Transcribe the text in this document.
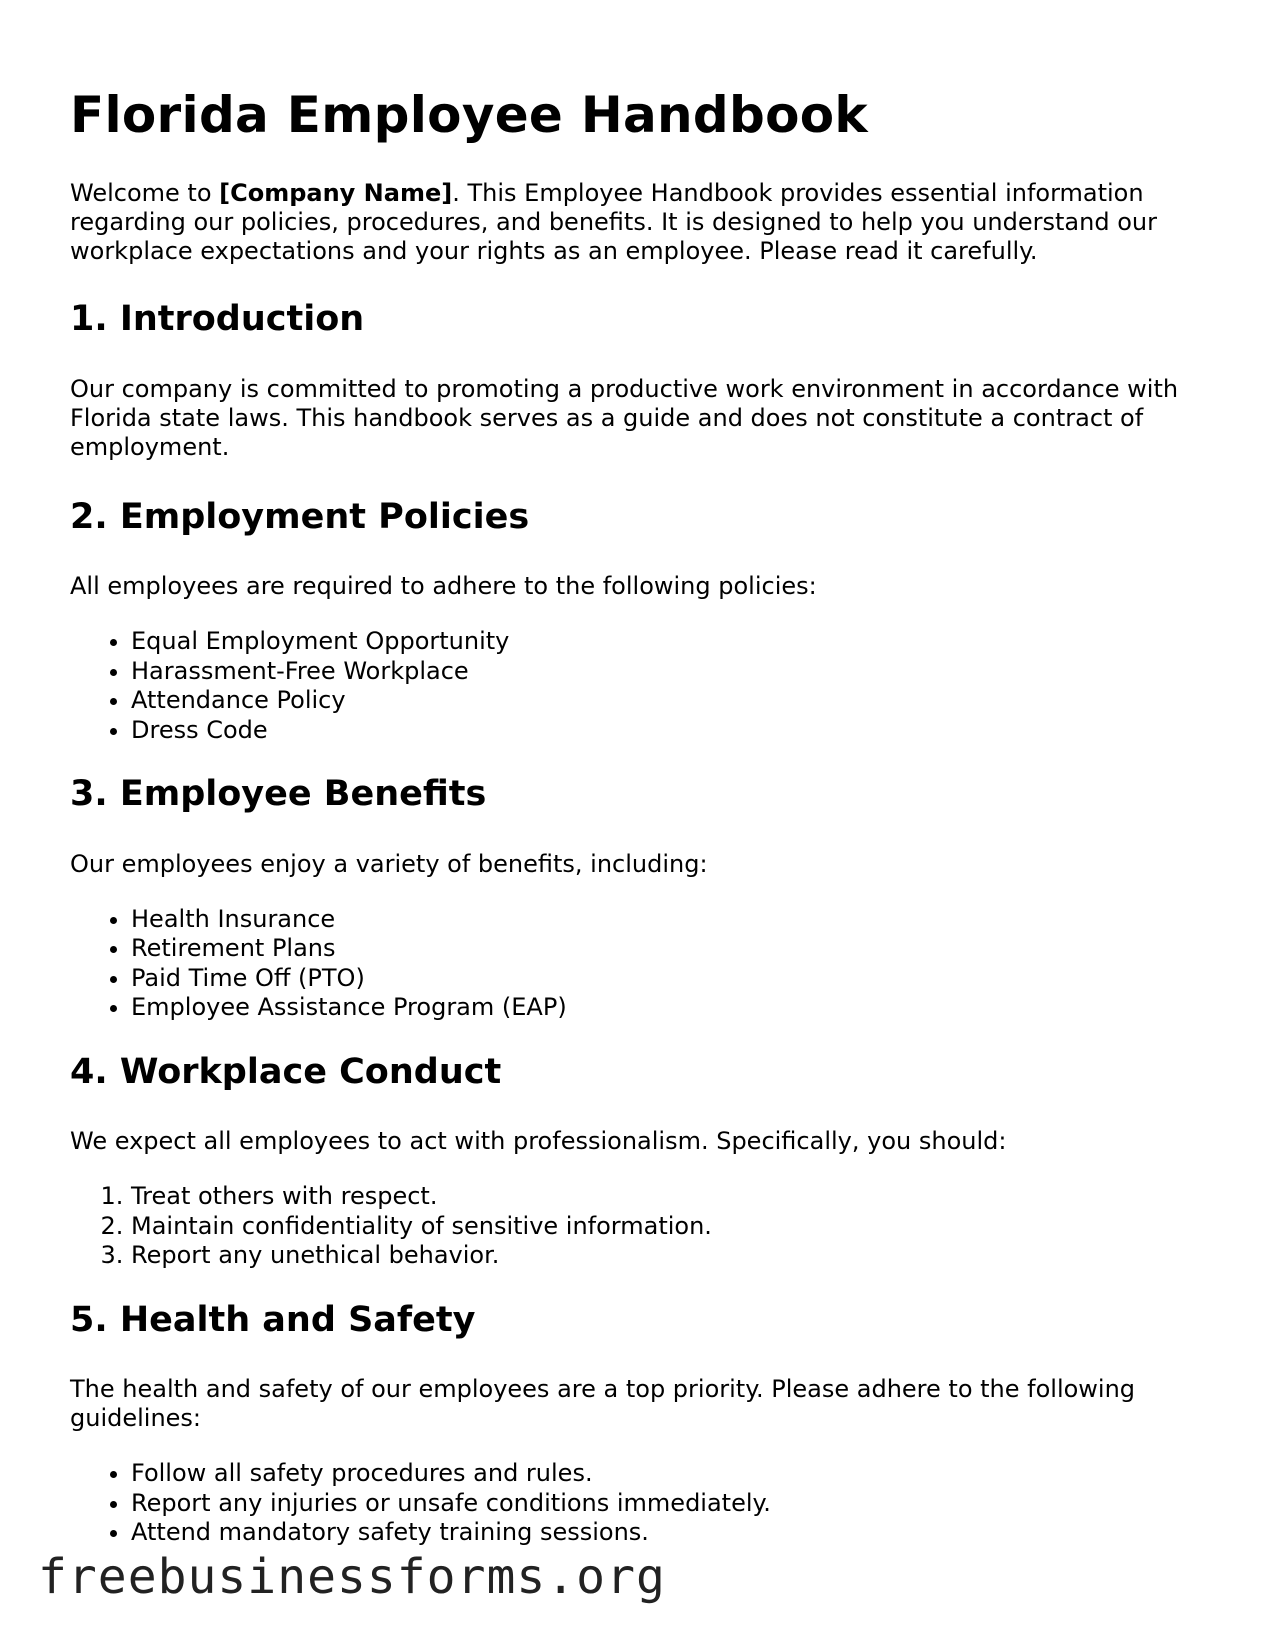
Florida Employee Handbook

Welcome to [Company Name]. This Employee Handbook provides essential information regarding our policies, procedures, and benefits. It is designed to help you understand our workplace expectations and your rights as an employee. Please read it carefully.

1. Introduction

Our company is committed to promoting a productive work environment in accordance with Florida state laws. This handbook serves as a guide and does not constitute a contract of employment.

2. Employment Policies

All employees are required to adhere to the following policies:

• Equal Employment Opportunity
• Harassment-Free Workplace
• Attendance Policy
• Dress Code
3. Employee Benefits

Our employees enjoy a variety of benefits, including:

• Health Insurance
• Retirement Plans
• Paid Time Off (PTO)
• Employee Assistance Program (EAP)
4. Workplace Conduct

We expect all employees to act with professionalism. Specifically, you should:

1. Treat others with respect.
2. Maintain confidentiality of sensitive information.
3. Report any unethical behavior.
5. Health and Safety

The health and safety of our employees are a top priority. Please adhere to the following guidelines:

• Follow all safety procedures and rules.
• Report any injuries or unsafe conditions immediately.
• Attend mandatory safety training sessions.
freebusinessforms.org
